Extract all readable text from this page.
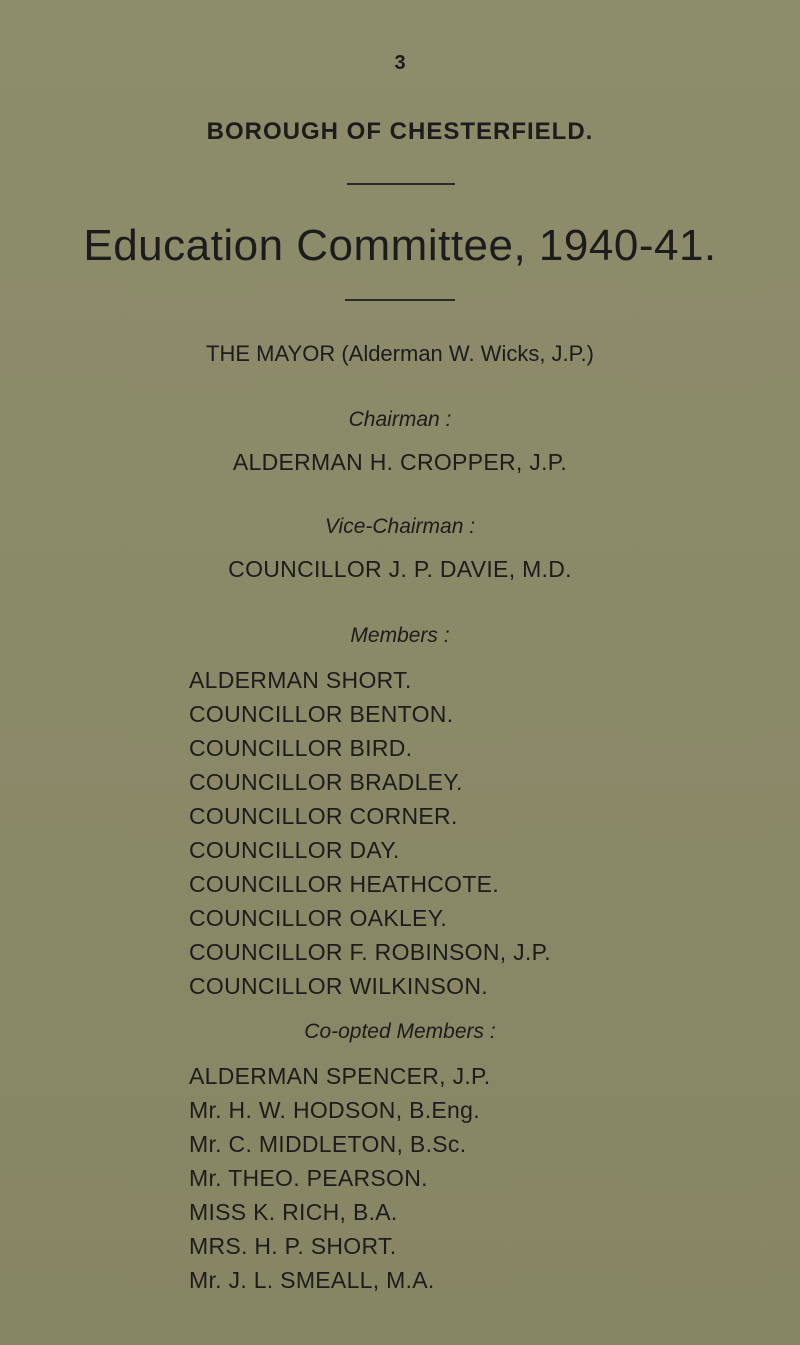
3
BOROUGH OF CHESTERFIELD.
Education Committee, 1940-41.
THE MAYOR (Alderman W. Wicks, J.P.)
Chairman :
ALDERMAN H. CROPPER, J.P.
Vice-Chairman :
COUNCILLOR J. P. DAVIE, M.D.
Members :
ALDERMAN SHORT.
COUNCILLOR BENTON.
COUNCILLOR BIRD.
COUNCILLOR BRADLEY.
COUNCILLOR CORNER.
COUNCILLOR DAY.
COUNCILLOR HEATHCOTE.
COUNCILLOR OAKLEY.
COUNCILLOR F. ROBINSON, J.P.
COUNCILLOR WILKINSON.
Co-opted Members :
ALDERMAN SPENCER, J.P.
Mr. H. W. HODSON, B.Eng.
Mr. C. MIDDLETON, B.Sc.
Mr. THEO. PEARSON.
MISS K. RICH, B.A.
MRS. H. P. SHORT.
Mr. J. L. SMEALL, M.A.
